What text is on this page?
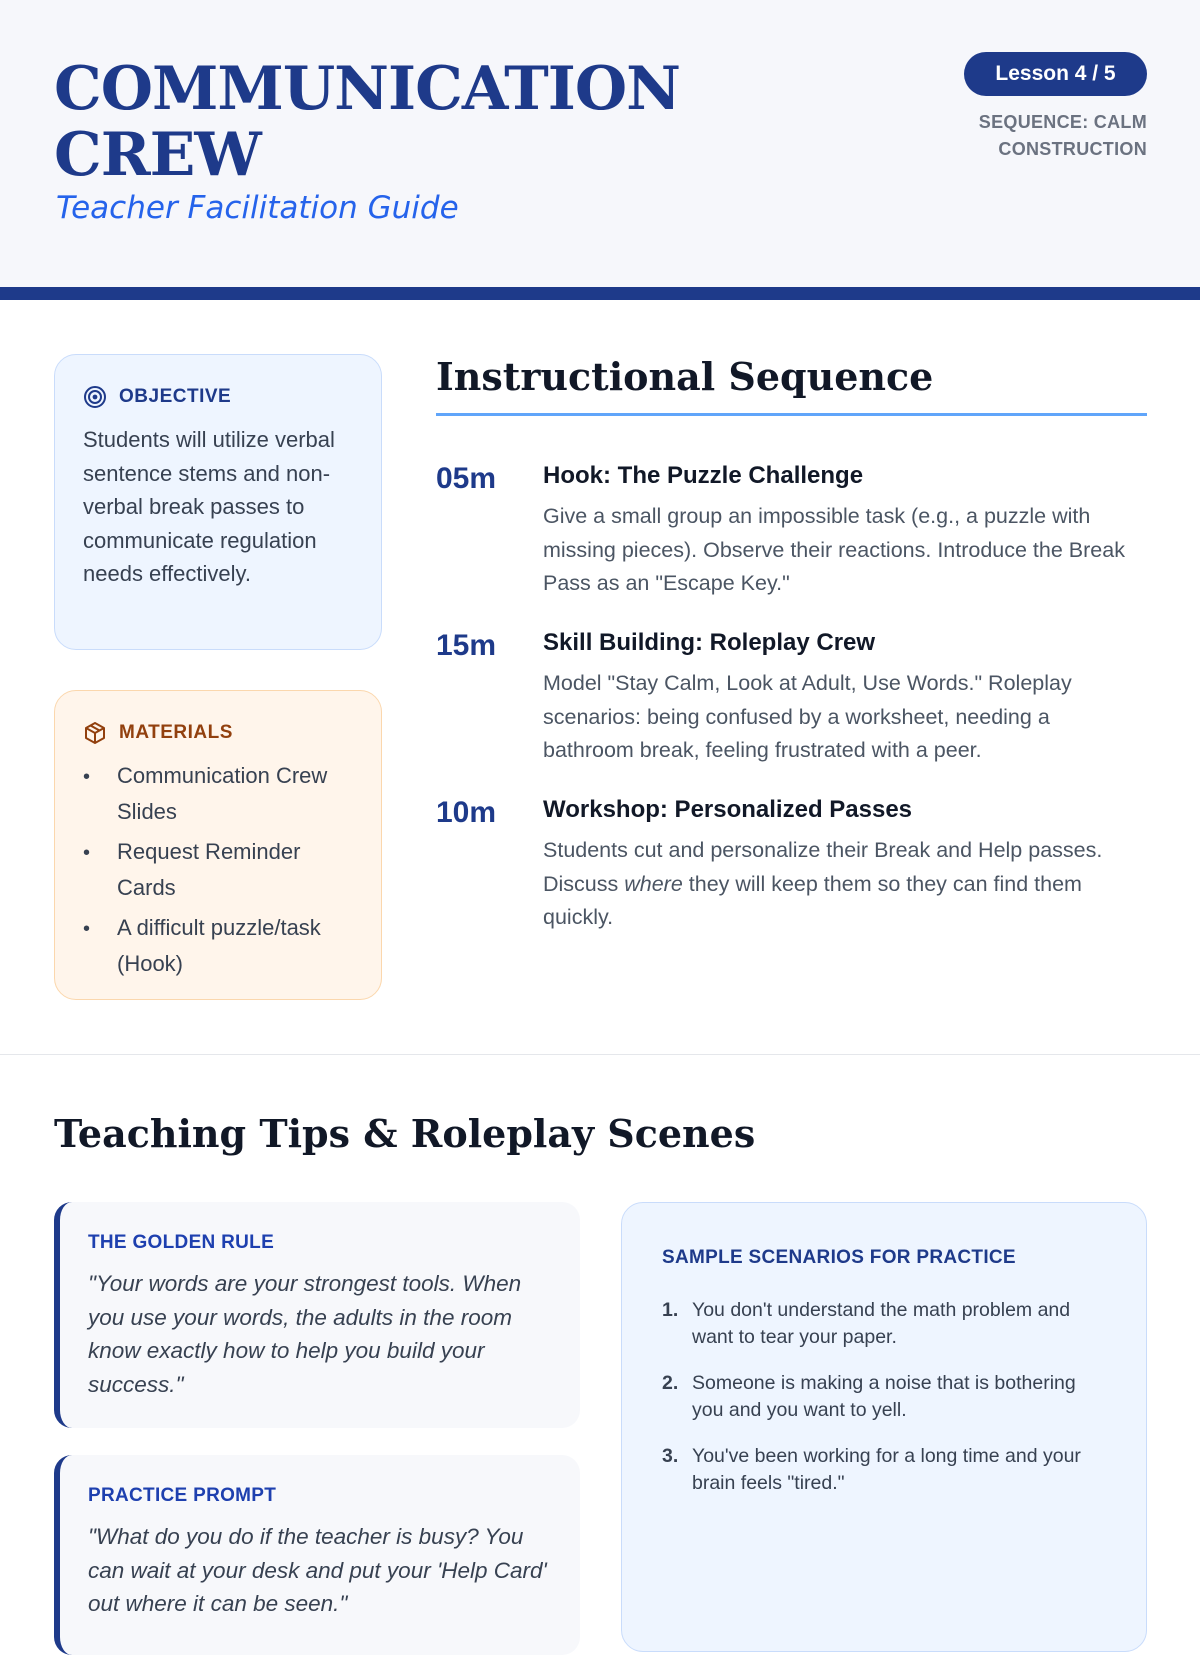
COMMUNICATION CREW
Teacher Facilitation Guide
Lesson 4 / 5
SEQUENCE: CALM CONSTRUCTION
OBJECTIVE
Students will utilize verbal sentence stems and non-verbal break passes to communicate regulation needs effectively.
MATERIALS
• Communication Crew Slides
• Request Reminder Cards
• A difficult puzzle/task (Hook)
Instructional Sequence
05m Hook: The Puzzle Challenge
Give a small group an impossible task (e.g., a puzzle with missing pieces). Observe their reactions. Introduce the Break Pass as an "Escape Key."
15m Skill Building: Roleplay Crew
Model "Stay Calm, Look at Adult, Use Words." Roleplay scenarios: being confused by a worksheet, needing a bathroom break, feeling frustrated with a peer.
10m Workshop: Personalized Passes
Students cut and personalize their Break and Help passes. Discuss where they will keep them so they can find them quickly.
Teaching Tips & Roleplay Scenes
THE GOLDEN RULE
"Your words are your strongest tools. When you use your words, the adults in the room know exactly how to help you build your success."
PRACTICE PROMPT
"What do you do if the teacher is busy? You can wait at your desk and put your 'Help Card' out where it can be seen."
SAMPLE SCENARIOS FOR PRACTICE
1. You don't understand the math problem and want to tear your paper.
2. Someone is making a noise that is bothering you and you want to yell.
3. You've been working for a long time and your brain feels "tired."
